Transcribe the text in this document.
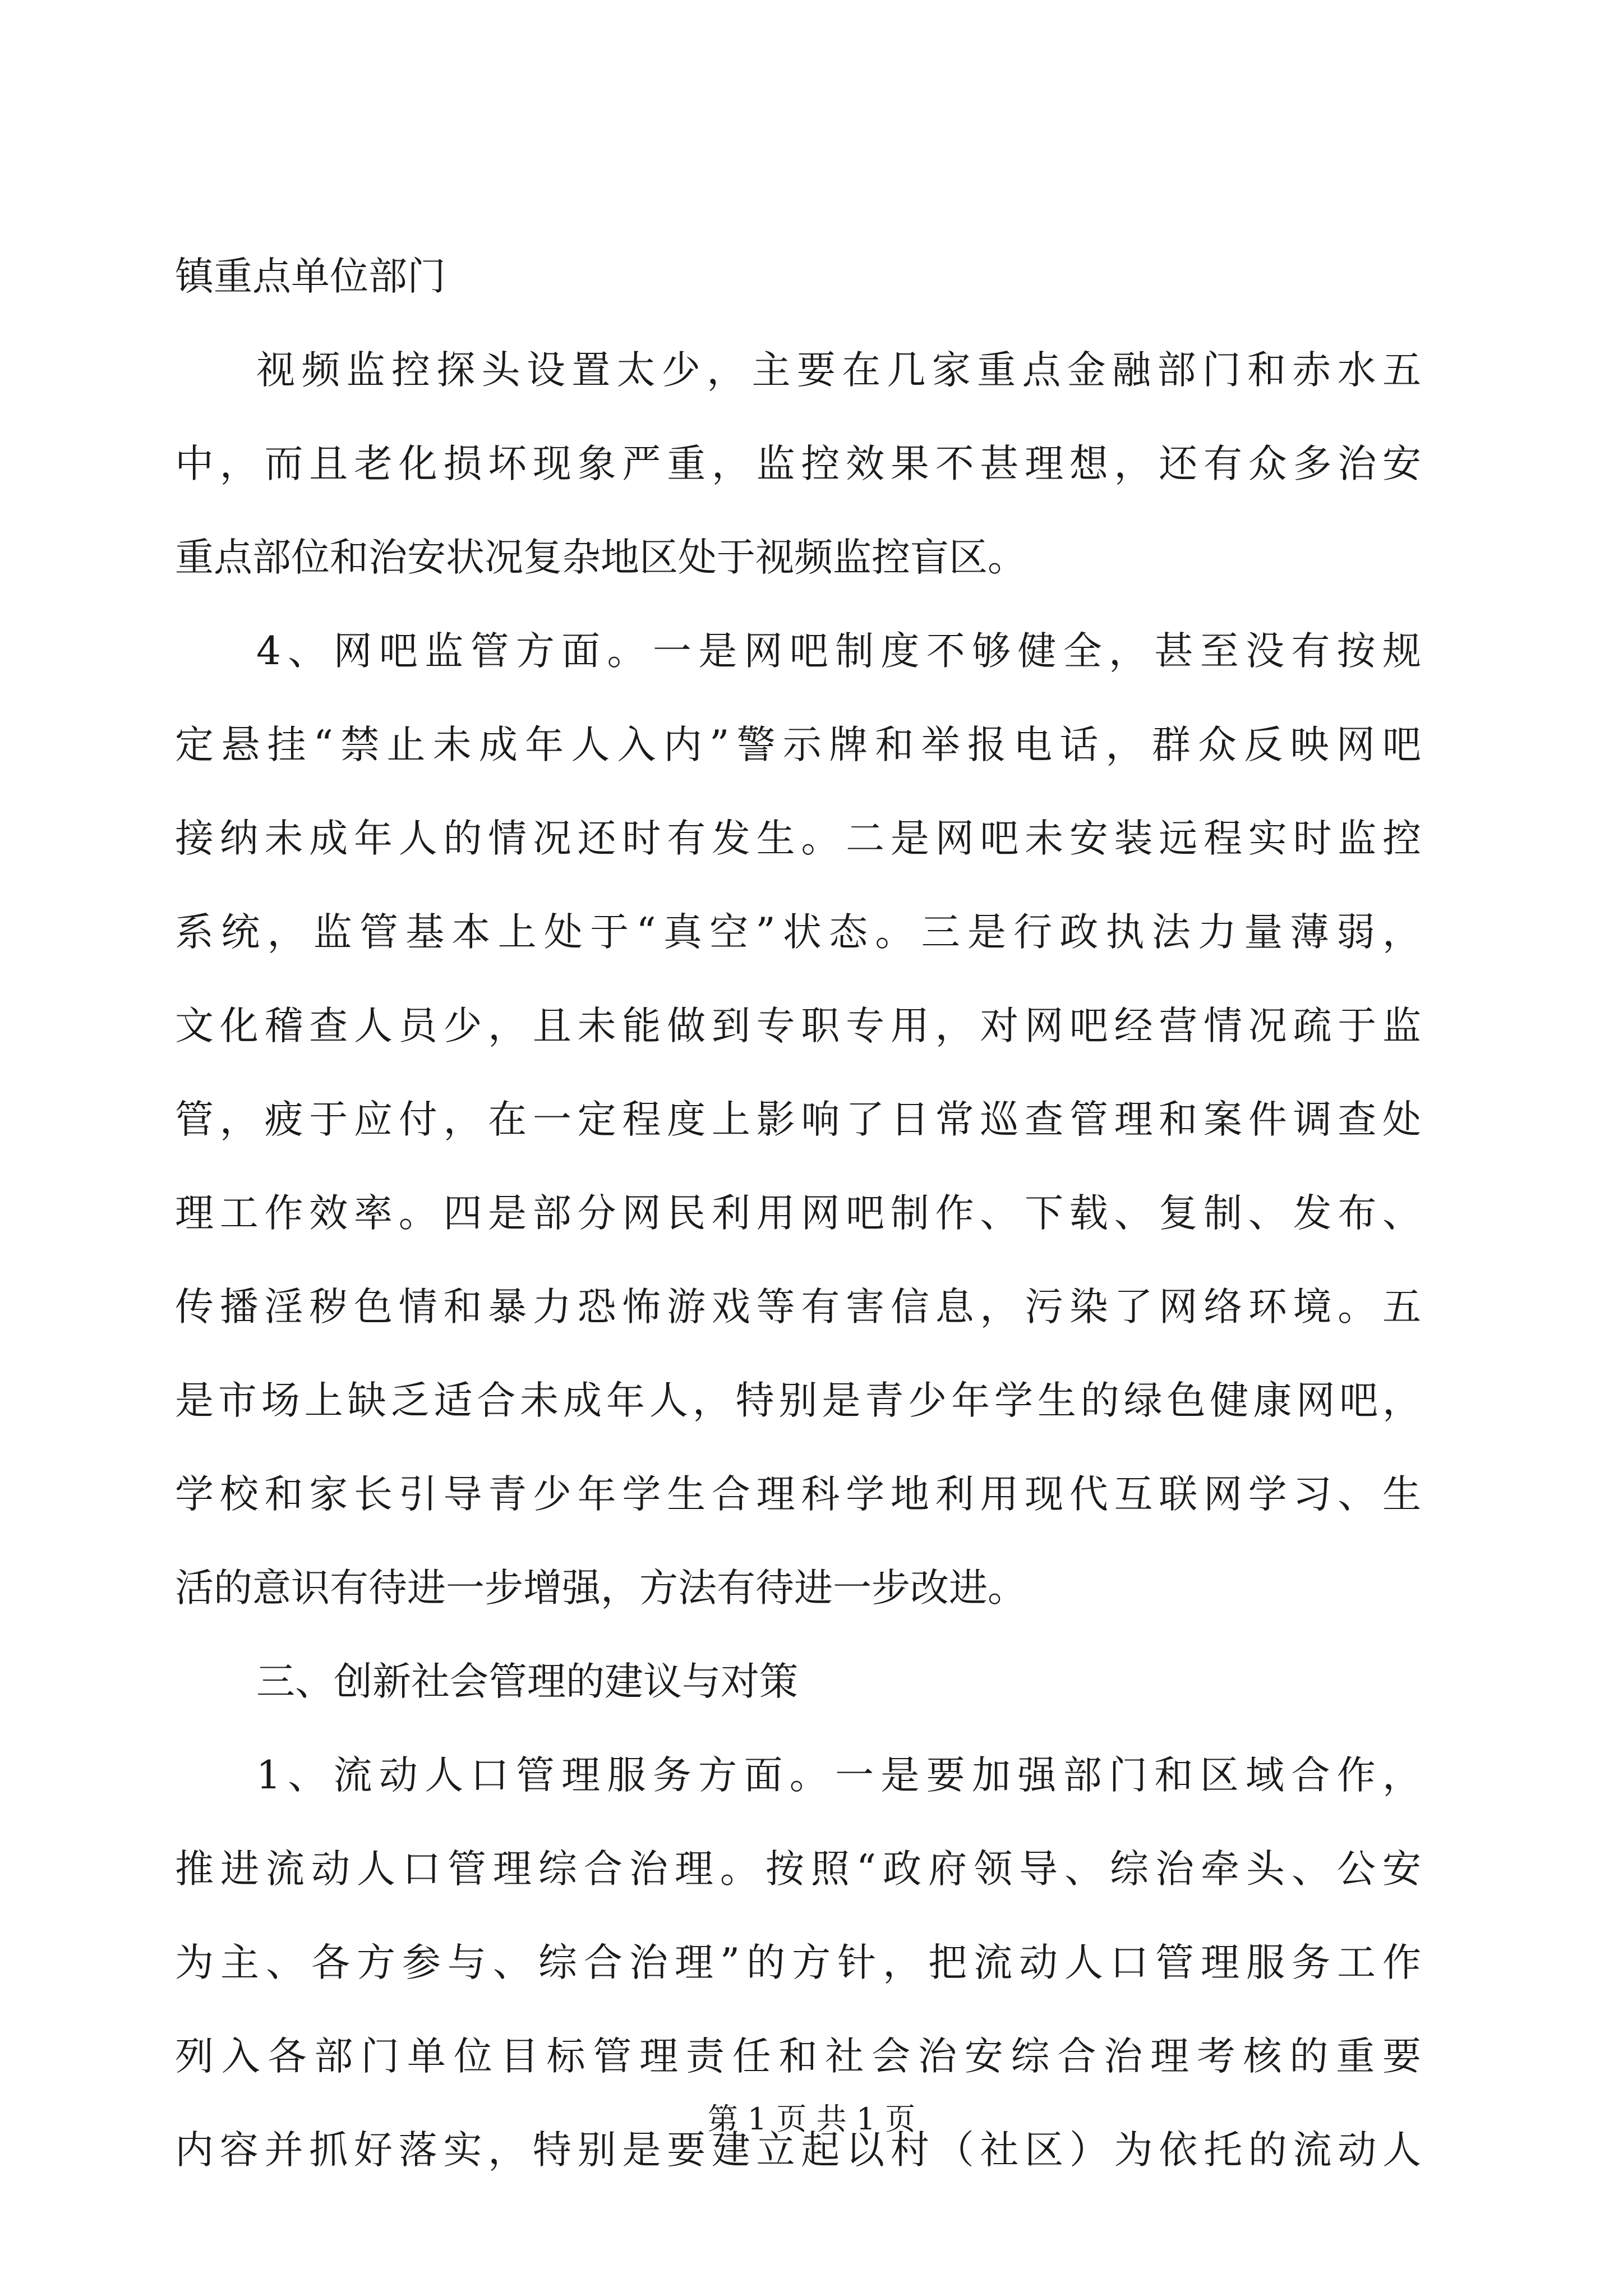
镇重点单位部门
视频监控探头设置太少，主要在几家重点金融部门和赤水五
中，而且老化损坏现象严重，监控效果不甚理想，还有众多治安
重点部位和治安状况复杂地区处于视频监控盲区。
4、网吧监管方面。一是网吧制度不够健全，甚至没有按规
定悬挂“禁止未成年人入内”警示牌和举报电话，群众反映网吧
接纳未成年人的情况还时有发生。二是网吧未安装远程实时监控
系统，监管基本上处于“真空”状态。三是行政执法力量薄弱，
文化稽查人员少，且未能做到专职专用，对网吧经营情况疏于监
管，疲于应付，在一定程度上影响了日常巡查管理和案件调查处
理工作效率。四是部分网民利用网吧制作、下载、复制、发布、
传播淫秽色情和暴力恐怖游戏等有害信息，污染了网络环境。五
是市场上缺乏适合未成年人，特别是青少年学生的绿色健康网吧，
学校和家长引导青少年学生合理科学地利用现代互联网学习、生
活的意识有待进一步增强，方法有待进一步改进。
三、创新社会管理的建议与对策
1、流动人口管理服务方面。一是要加强部门和区域合作，
推进流动人口管理综合治理。按照“政府领导、综治牵头、公安
为主、各方参与、综合治理”的方针，把流动人口管理服务工作
列入各部门单位目标管理责任和社会治安综合治理考核的重要
内容并抓好落实，特别是要建立起以村（社区）为依托的流动人
第 1 页 共 1 页
